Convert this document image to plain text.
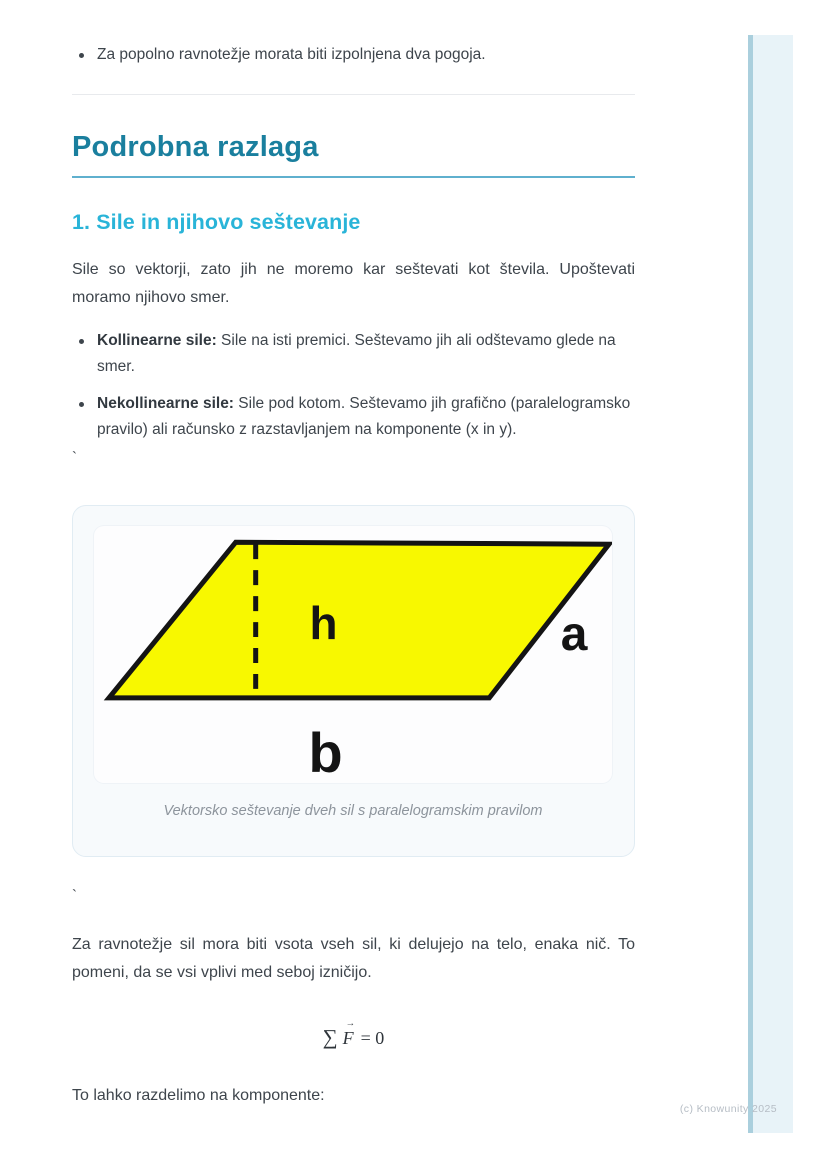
Za popolno ravnotežje morata biti izpolnjena dva pogoja.
Podrobna razlaga
1. Sile in njihovo seštevanje

Sile so vektorji, zato jih ne moremo kar seštevati kot števila. Upoštevati moramo njihovo smer.

Kollinearne sile: Sile na isti premici. Seštevamo jih ali odštevamo glede na smer.
Nekollinearne sile: Sile pod kotom. Seštevamo jih grafično (paralelogramsko pravilo) ali računsko z razstavljanjem na komponente (x in y).
`
h	a
b
Vektorsko seštevanje dveh sil s paralelogramskim pravilom
`

Za ravnotežje sil mora biti vsota vseh sil, ki delujejo na telo, enaka nič. To pomeni, da se vsi vplivi med seboj izničijo.

∑ F
→
= 0

To lahko razdelimo na komponente:

(c) Knowunity 2025
